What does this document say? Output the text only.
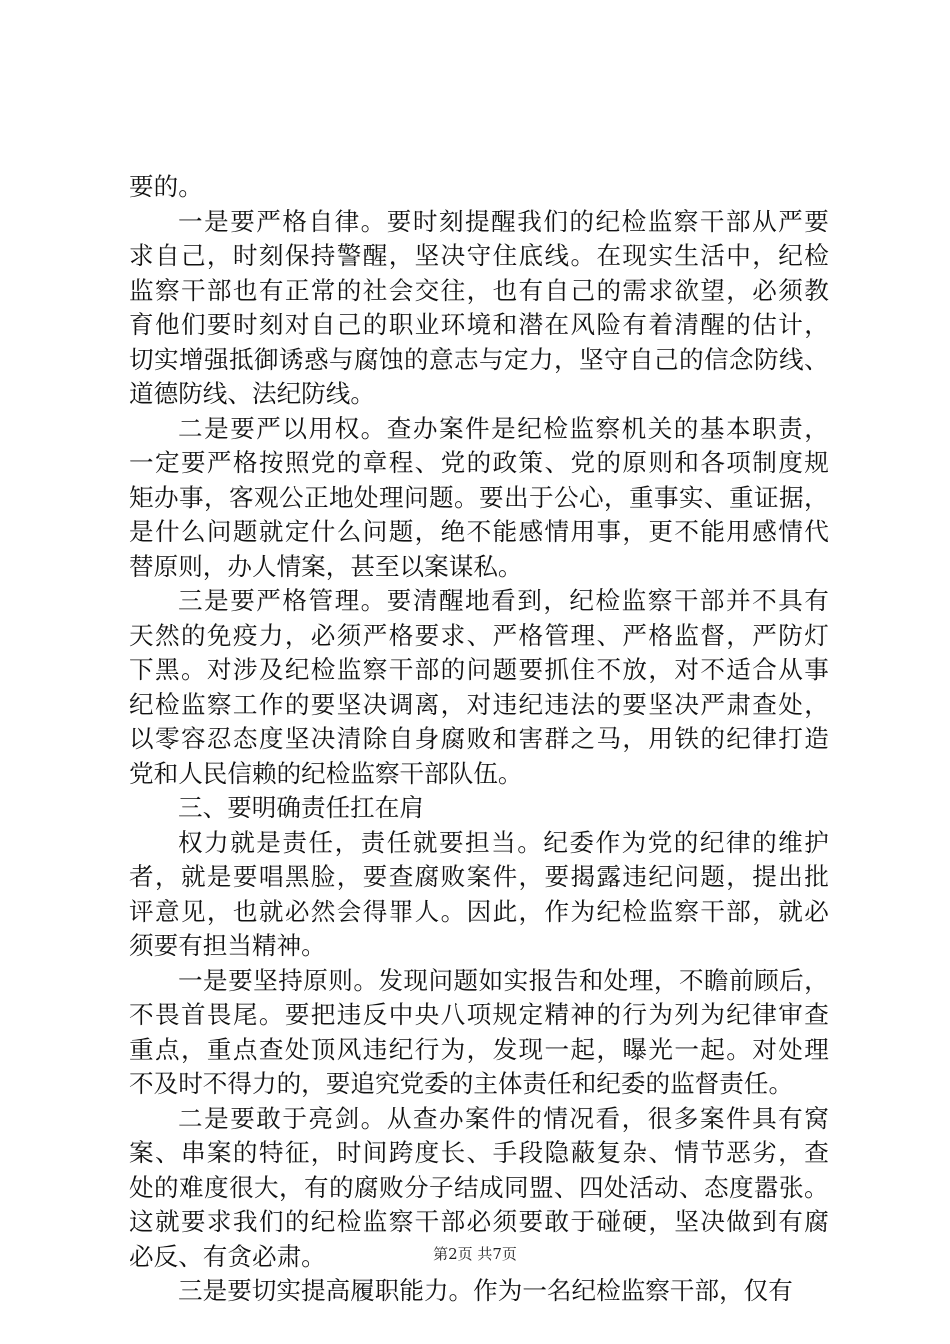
要的。
一 是 要 严 格 自 律 。 要 时 刻 提 醒 我 们 的 纪 检 监 察 干 部 从 严 要
求 自 己 ， 时 刻 保 持 警 醒 ， 坚 决 守 住 底 线 。 在 现 实 生 活 中 ， 纪 检
监 察 干 部 也 有 正 常 的 社 会 交 往 ， 也 有 自 己 的 需 求 欲 望 ， 必 须 教
育 他 们 要 时 刻 对 自 己 的 职 业 环 境 和 潜 在 风 险 有 着 清 醒 的 估 计 ，
切 实 增 强 抵 御 诱 惑 与 腐 蚀 的 意 志 与 定 力 ， 坚 守 自 己 的 信 念 防 线 、
道德防线、法纪防线。
二 是 要 严 以 用 权 。 查 办 案 件 是 纪 检 监 察 机 关 的 基 本 职 责 ，
一 定 要 严 格 按 照 党 的 章 程 、 党 的 政 策 、 党 的 原 则 和 各 项 制 度 规
矩 办 事 ， 客 观 公 正 地 处 理 问 题 。 要 出 于 公 心 ， 重 事 实 、 重 证 据 ，
是 什 么 问 题 就 定 什 么 问 题 ， 绝 不 能 感 情 用 事 ， 更 不 能 用 感 情 代
替原则，办人情案，甚至以案谋私。
三 是 要 严 格 管 理 。 要 清 醒 地 看 到 ， 纪 检 监 察 干 部 并 不 具 有
天 然 的 免 疫 力 ， 必 须 严 格 要 求 、 严 格 管 理 、 严 格 监 督 ， 严 防 灯
下 黑 。 对 涉 及 纪 检 监 察 干 部 的 问 题 要 抓 住 不 放 ， 对 不 适 合 从 事
纪 检 监 察 工 作 的 要 坚 决 调 离 ， 对 违 纪 违 法 的 要 坚 决 严 肃 查 处 ，
以 零 容 忍 态 度 坚 决 清 除 自 身 腐 败 和 害 群 之 马 ， 用 铁 的 纪 律 打 造
党和人民信赖的纪检监察干部队伍。
三、要明确责任扛在肩
权 力 就 是 责 任 ， 责 任 就 要 担 当 。 纪 委 作 为 党 的 纪 律 的 维 护
者 ， 就 是 要 唱 黑 脸 ， 要 查 腐 败 案 件 ， 要 揭 露 违 纪 问 题 ， 提 出 批
评 意 见 ， 也 就 必 然 会 得 罪 人 。 因 此 ， 作 为 纪 检 监 察 干 部 ， 就 必
须要有担当精神。
一 是 要 坚 持 原 则 。 发 现 问 题 如 实 报 告 和 处 理 ， 不 瞻 前 顾 后 ，
不 畏 首 畏 尾 。 要 把 违 反 中 央 八 项 规 定 精 神 的 行 为 列 为 纪 律 审 查
重 点 ， 重 点 查 处 顶 风 违 纪 行 为 ， 发 现 一 起 ， 曝 光 一 起 。 对 处 理
不及时不得力的，要追究党委的主体责任和纪委的监督责任。
二 是 要 敢 于 亮 剑 。 从 查 办 案 件 的 情 况 看 ， 很 多 案 件 具 有 窝
案 、 串 案 的 特 征 ， 时 间 跨 度 长 、 手 段 隐 蔽 复 杂 、 情 节 恶 劣 ， 查
处 的 难 度 很 大 ， 有 的 腐 败 分 子 结 成 同 盟 、 四 处 活 动 、 态 度 嚣 张 。
这 就 要 求 我 们 的 纪 检 监 察 干 部 必 须 要 敢 于 碰 硬 ， 坚 决 做 到 有 腐
必反、有贪必肃。
三是要切实提高履职能力。作为一名纪检监察干部，仅有
第2页 共7页
